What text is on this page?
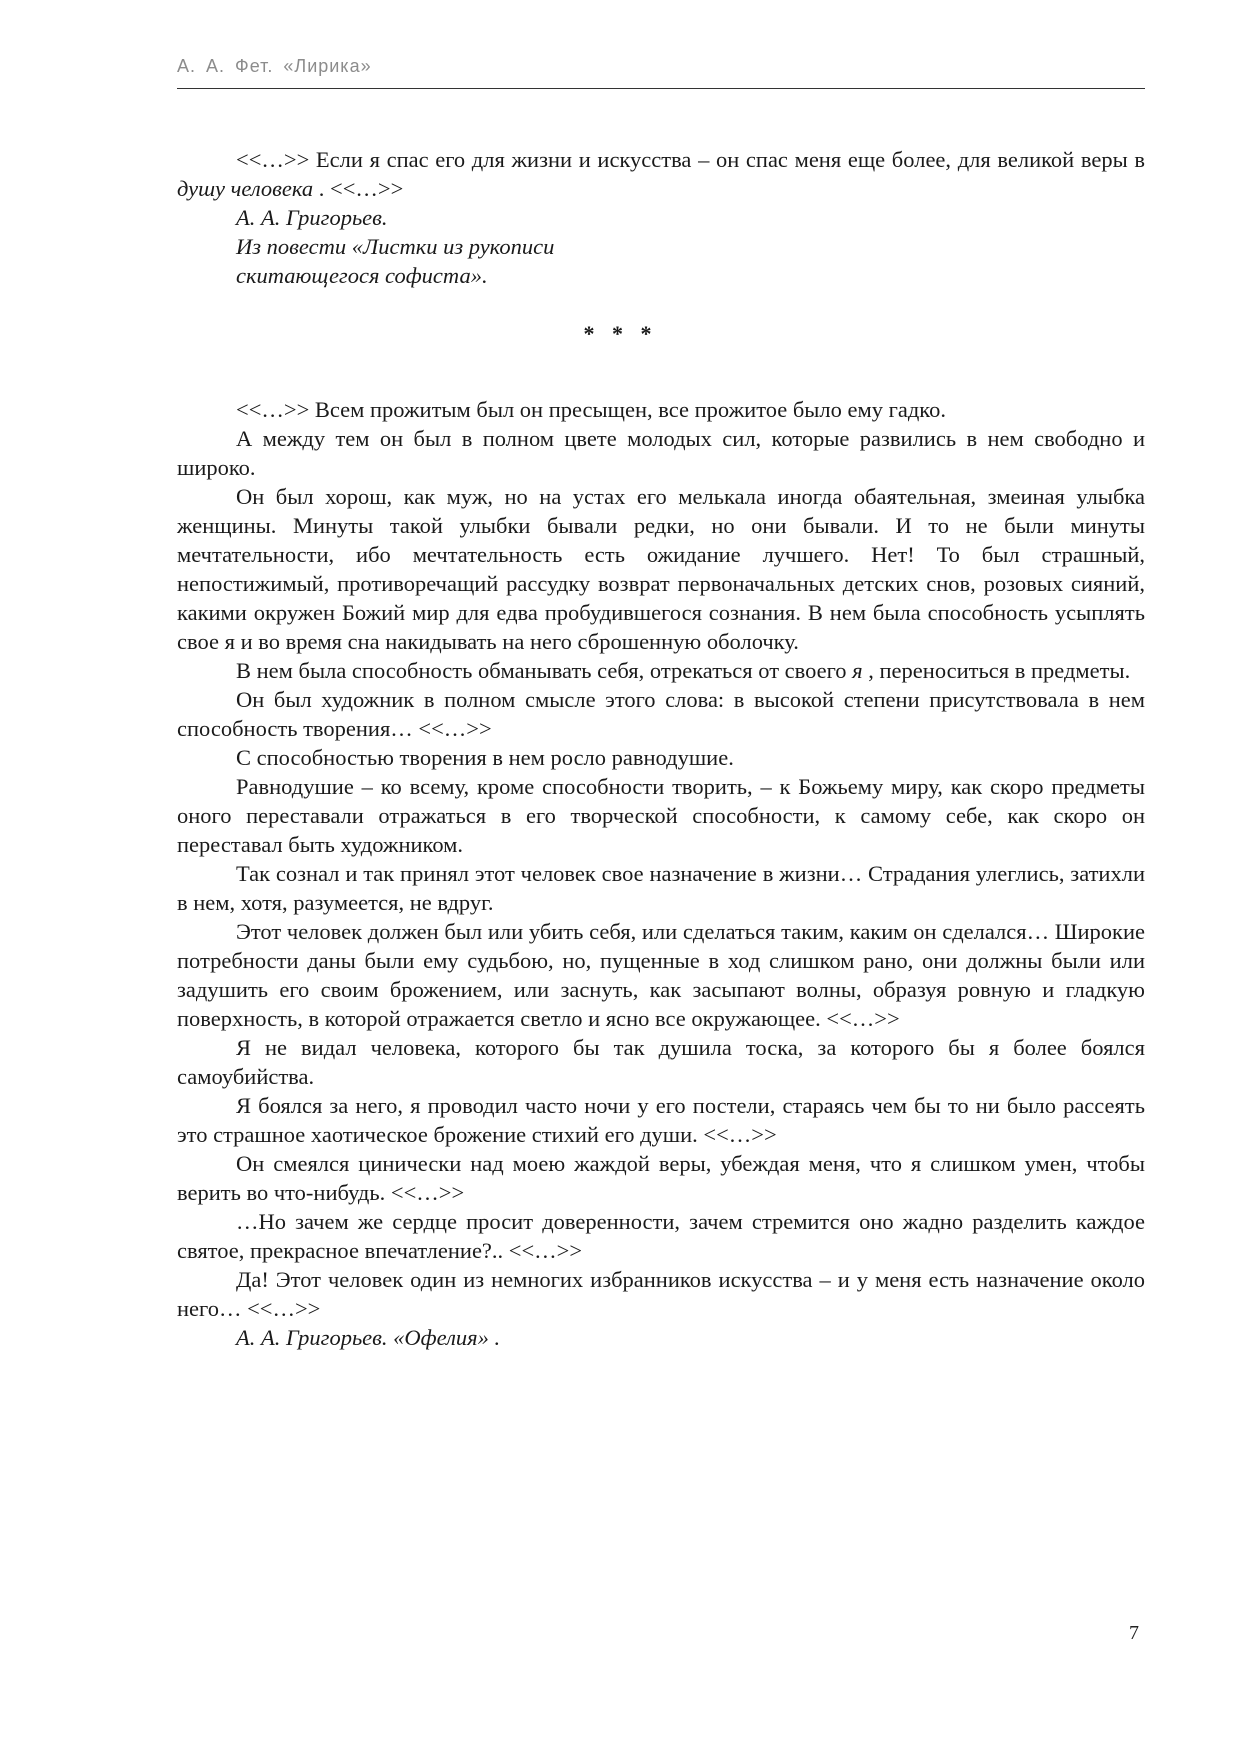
А. А. Фет. «Лирика»

<<…>> Если я спас его для жизни и искусства – он спас меня еще более, для великой веры в душу человека . <<…>>

А. А. Григорьев.
Из повести «Листки из рукописи
скитающегося софиста».
* * *

<<…>> Всем прожитым был он пресыщен, все прожитое было ему гадко.

А между тем он был в полном цвете молодых сил, которые развились в нем свободно и широко.

Он был хорош, как муж, но на устах его мелькала иногда обаятельная, змеиная улыбка женщины. Минуты такой улыбки бывали редки, но они бывали. И то не были минуты мечтательности, ибо мечтательность есть ожидание лучшего. Нет! То был страшный, непостижимый, противоречащий рассудку возврат первоначальных детских снов, розовых сияний, какими окружен Божий мир для едва пробудившегося сознания. В нем была способность усыплять свое я и во время сна накидывать на него сброшенную оболочку.

В нем была способность обманывать себя, отрекаться от своего я , переноситься в предметы.

Он был художник в полном смысле этого слова: в высокой степени присутствовала в нем способность творения… <<…>>

С способностью творения в нем росло равнодушие.

Равнодушие – ко всему, кроме способности творить, – к Божьему миру, как скоро предметы оного переставали отражаться в его творческой способности, к самому себе, как скоро он переставал быть художником.

Так сознал и так принял этот человек свое назначение в жизни… Страдания улеглись, затихли в нем, хотя, разумеется, не вдруг.

Этот человек должен был или убить себя, или сделаться таким, каким он сделался… Широкие потребности даны были ему судьбою, но, пущенные в ход слишком рано, они должны были или задушить его своим брожением, или заснуть, как засыпают волны, образуя ровную и гладкую поверхность, в которой отражается светло и ясно все окружающее. <<…>>

Я не видал человека, которого бы так душила тоска, за которого бы я более боялся самоубийства.

Я боялся за него, я проводил часто ночи у его постели, стараясь чем бы то ни было рассеять это страшное хаотическое брожение стихий его души. <<…>>

Он смеялся цинически над моею жаждой веры, убеждая меня, что я слишком умен, чтобы верить во что-нибудь. <<…>>

…Но зачем же сердце просит доверенности, зачем стремится оно жадно разделить каждое святое, прекрасное впечатление?.. <<…>>

Да! Этот человек один из немногих избранников искусства – и у меня есть назначение около него… <<…>>

А. А. Григорьев. «Офелия» .

7
